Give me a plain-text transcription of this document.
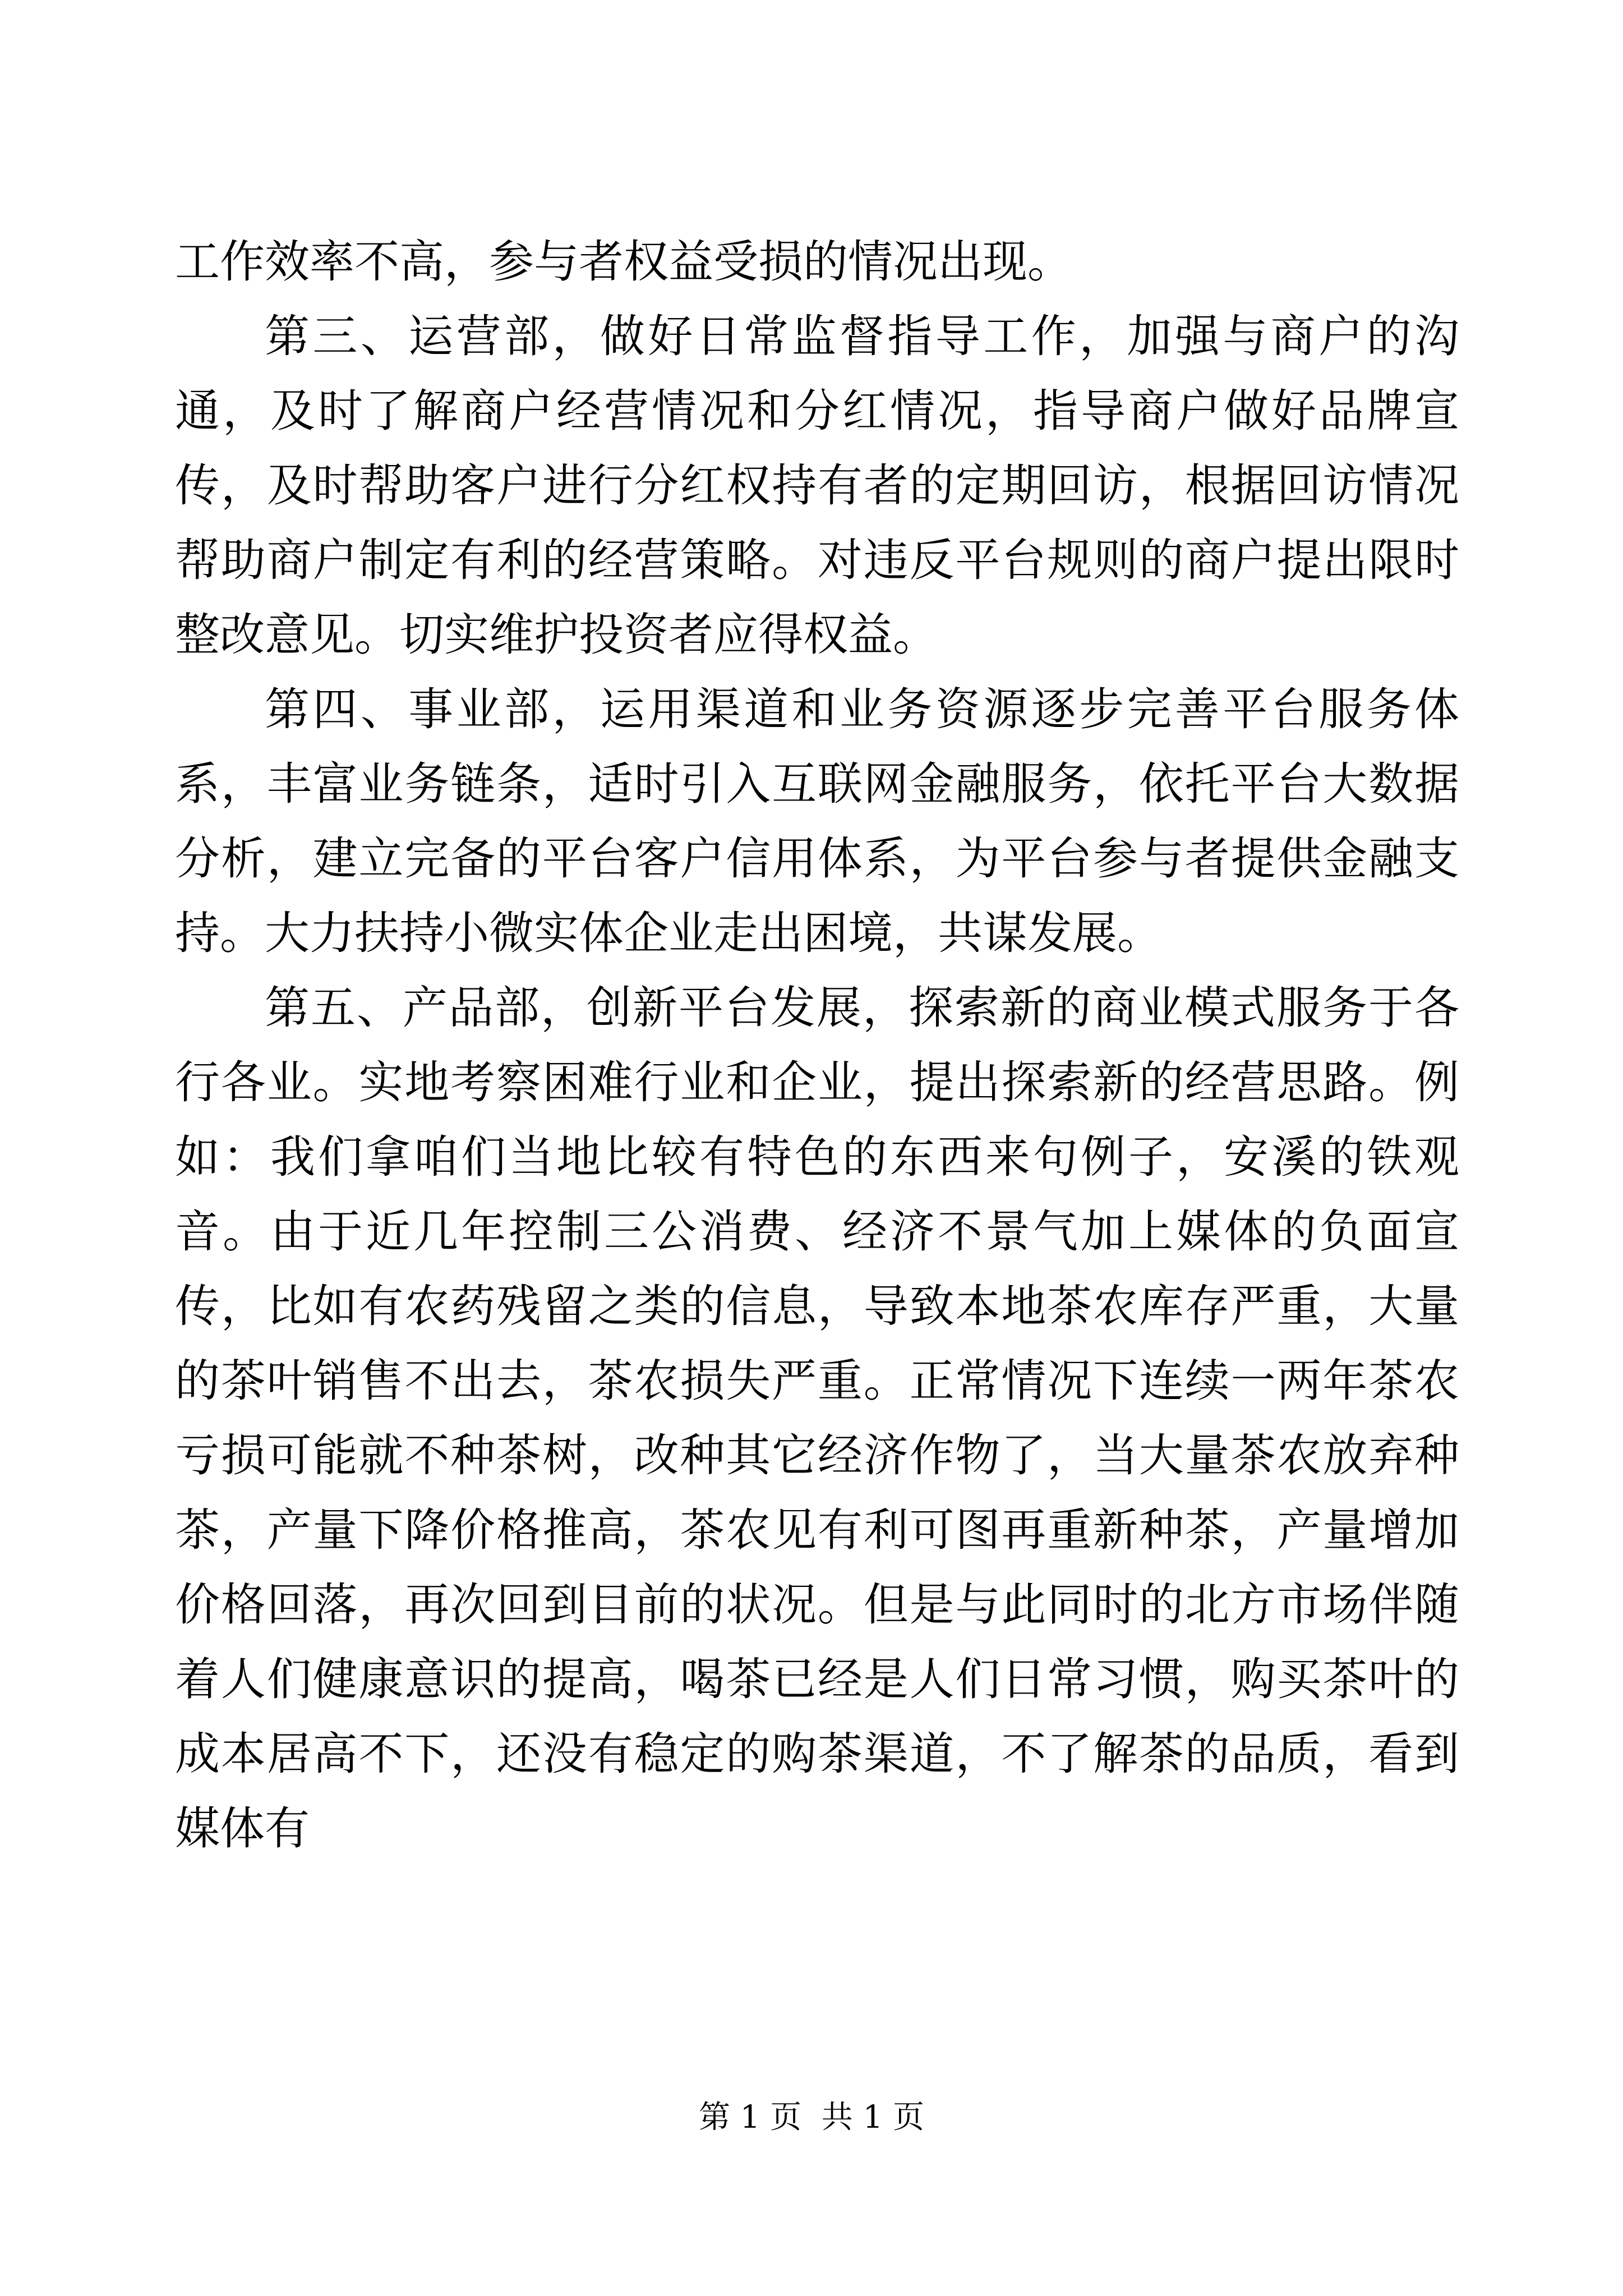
工作效率不高，参与者权益受损的情况出现。

第三、运营部，做好日常监督指导工作，加强与商户的沟通，及时了解商户经营情况和分红情况，指导商户做好品牌宣传，及时帮助客户进行分红权持有者的定期回访，根据回访情况帮助商户制定有利的经营策略。对违反平台规则的商户提出限时整改意见。切实维护投资者应得权益。

第四、事业部，运用渠道和业务资源逐步完善平台服务体系，丰富业务链条，适时引入互联网金融服务，依托平台大数据分析，建立完备的平台客户信用体系，为平台参与者提供金融支持。大力扶持小微实体企业走出困境，共谋发展。

第五、产品部，创新平台发展，探索新的商业模式服务于各行各业。实地考察困难行业和企业，提出探索新的经营思路。例如：我们拿咱们当地比较有特色的东西来句例子，安溪的铁观音。由于近几年控制三公消费、经济不景气加上媒体的负面宣传，比如有农药残留之类的信息，导致本地茶农库存严重，大量的茶叶销售不出去，茶农损失严重。正常情况下连续一两年茶农亏损可能就不种茶树，改种其它经济作物了，当大量茶农放弃种茶，产量下降价格推高，茶农见有利可图再重新种茶，产量增加价格回落，再次回到目前的状况。但是与此同时的北方市场伴随着人们健康意识的提高，喝茶已经是人们日常习惯，购买茶叶的成本居高不下，还没有稳定的购茶渠道，不了解茶的品质，看到媒体有

第 1 页  共 1 页
